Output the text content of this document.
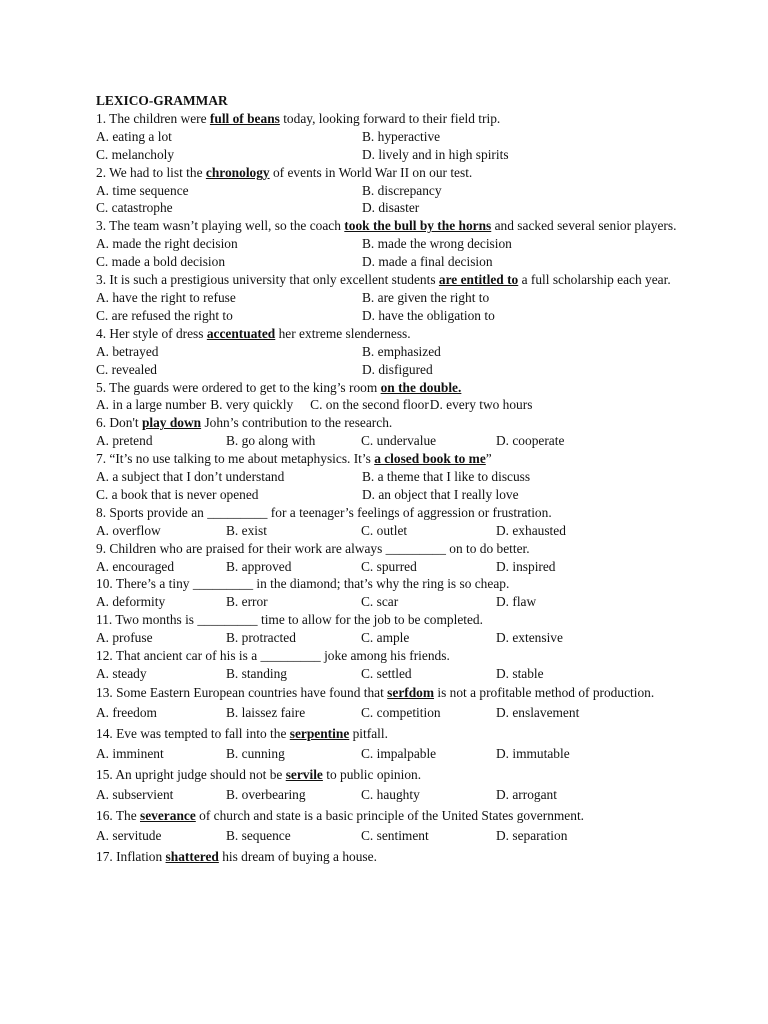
LEXICO-GRAMMAR
1. The children were full of beans today, looking forward to their field trip.
A. eating a lot	B. hyperactive
C. melancholy	D. lively and in high spirits
2. We had to list the chronology of events in World War II on our test.
A. time sequence	B. discrepancy
C. catastrophe	D. disaster
3. The team wasn’t playing well, so the coach took the bull by the horns and sacked several senior players.
A. made the right decision	B. made the wrong decision
C. made a bold decision	D. made a final decision
3. It is such a prestigious university that only excellent students are entitled to a full scholarship each year.
A. have the right to refuse	B. are given the right to
C. are refused the right to	D. have the obligation to
4. Her style of dress accentuated her extreme slenderness.
A. betrayed	B. emphasized
C. revealed	D. disfigured
5. The guards were ordered to get to the king’s room on the double.
A. in a large number B. very quickly C. on the second floor D. every two hours
6. Don't play down John’s contribution to the research.
A. pretend	B. go along with	C. undervalue	D. cooperate
7. “It’s no use talking to me about metaphysics. It’s a closed book to me”
A. a subject that I don’t understand	B. a theme that I like to discuss
C. a book that is never opened	D. an object that I really love
8. Sports provide an _________ for a teenager’s feelings of aggression or frustration.
A. overflow	B. exist	C. outlet	D. exhausted
9. Children who are praised for their work are always _________ on to do better.
A. encouraged	B. approved	C. spurred	D. inspired
10. There’s a tiny _________ in the diamond; that’s why the ring is so cheap.
A. deformity	B. error	C. scar	D. flaw
11. Two months is _________ time to allow for the job to be completed.
A. profuse	B. protracted	C. ample	D. extensive
12. That ancient car of his is a _________ joke among his friends.
A. steady	B. standing	C. settled	D. stable
13. Some Eastern European countries have found that serfdom is not a profitable method of production.
A. freedom	B. laissez faire	C. competition	D. enslavement
14. Eve was tempted to fall into the serpentine pitfall.
A. imminent	B. cunning	C. impalpable	D. immutable
15. An upright judge should not be servile to public opinion.
A. subservient	B. overbearing	C. haughty	D. arrogant
16. The severance of church and state is a basic principle of the United States government.
A. servitude	B. sequence	C. sentiment	D. separation
17. Inflation shattered his dream of buying a house.
